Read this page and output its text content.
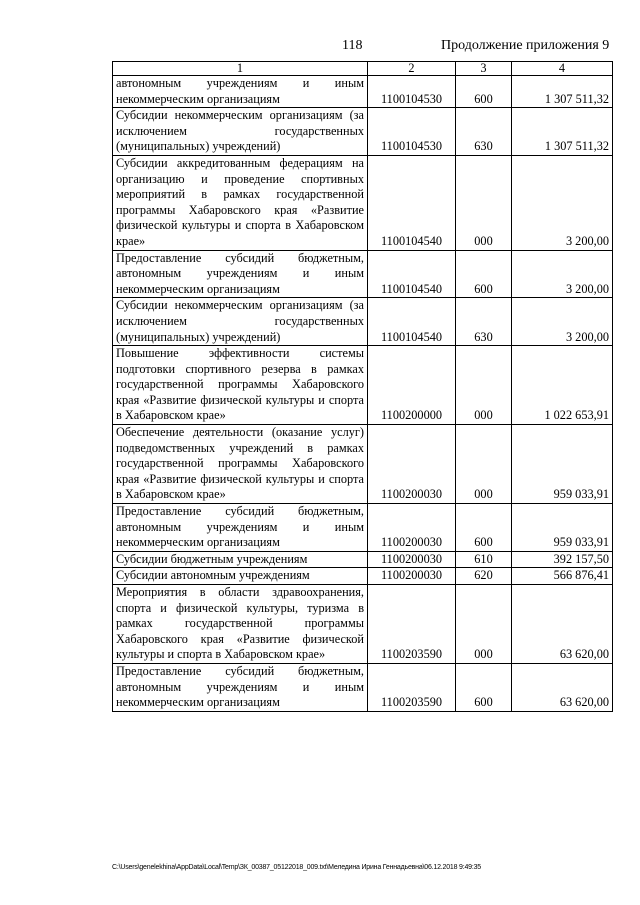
118	Продолжение приложения 9
1	2	3	4
автономным учреждениям и иным некоммерческим организациям	1100104530	600	1 307 511,32
Субсидии некоммерческим организациям (за исключением государственных (муниципальных) учреждений)	1100104530	630	1 307 511,32
Субсидии аккредитованным федерациям на организацию и проведение спортивных мероприятий в рамках государственной программы Хабаровского края «Развитие физической культуры и спорта в Хабаровском крае»	1100104540	000	3 200,00
Предоставление субсидий бюджетным, автономным учреждениям и иным некоммерческим организациям	1100104540	600	3 200,00
Субсидии некоммерческим организациям (за исключением государственных (муниципальных) учреждений)	1100104540	630	3 200,00
Повышение эффективности системы подготовки спортивного резерва в рамках государственной программы Хабаровского края «Развитие физической культуры и спорта в Хабаровском крае»	1100200000	000	1 022 653,91
Обеспечение деятельности (оказание услуг) подведомственных учреждений в рамках государственной программы Хабаровского края «Развитие физической культуры и спорта в Хабаровском крае»	1100200030	000	959 033,91
Предоставление субсидий бюджетным, автономным учреждениям и иным некоммерческим организациям	1100200030	600	959 033,91
Субсидии бюджетным учреждениям	1100200030	610	392 157,50
Субсидии автономным учреждениям	1100200030	620	566 876,41
Мероприятия в области здравоохранения, спорта и физической культуры, туризма в рамках государственной программы Хабаровского края «Развитие физической культуры и спорта в Хабаровском крае»	1100203590	000	63 620,00
Предоставление субсидий бюджетным, автономным учреждениям и иным некоммерческим организациям	1100203590	600	63 620,00
C:\Users\genelekhina\AppData\Local\Temp\ЗК_00387_05122018_009.txt\Меледина Ирина Геннадьевна\06.12.2018 9:49:35
